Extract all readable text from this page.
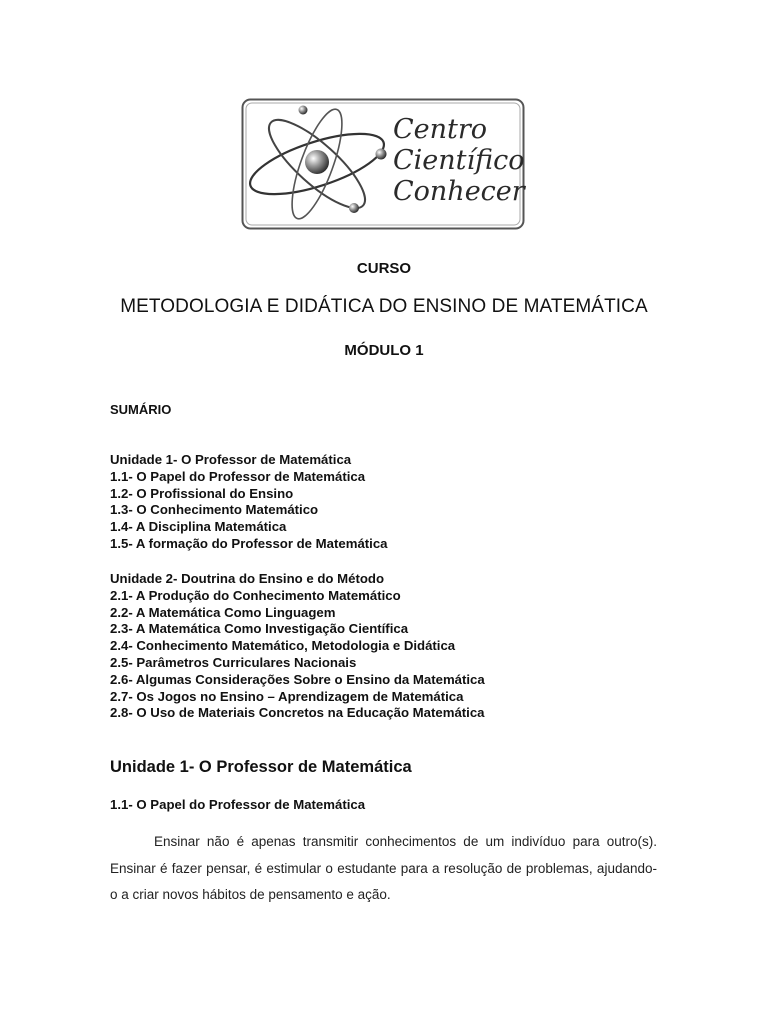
Centro
Científico
Conhecer
CURSO
METODOLOGIA E DIDÁTICA DO ENSINO DE MATEMÁTICA
MÓDULO 1
SUMÁRIO
Unidade 1- O Professor de Matemática
1.1- O Papel do Professor de Matemática
1.2- O Profissional do Ensino
1.3- O Conhecimento Matemático
1.4- A Disciplina Matemática
1.5- A formação do Professor de Matemática
Unidade 2- Doutrina do Ensino e do Método
2.1- A Produção do Conhecimento Matemático
2.2- A Matemática Como Linguagem
2.3- A Matemática Como Investigação Científica
2.4- Conhecimento Matemático, Metodologia e Didática
2.5- Parâmetros Curriculares Nacionais
2.6- Algumas Considerações Sobre o Ensino da Matemática
2.7- Os Jogos no Ensino – Aprendizagem de Matemática
2.8- O Uso de Materiais Concretos na Educação Matemática
Unidade 1- O Professor de Matemática
1.1- O Papel do Professor de Matemática
Ensinar não é apenas transmitir conhecimentos de um indivíduo para outro(s). Ensinar é fazer pensar, é estimular o estudante para a resolução de problemas, ajudando-o a criar novos hábitos de pensamento e ação.
